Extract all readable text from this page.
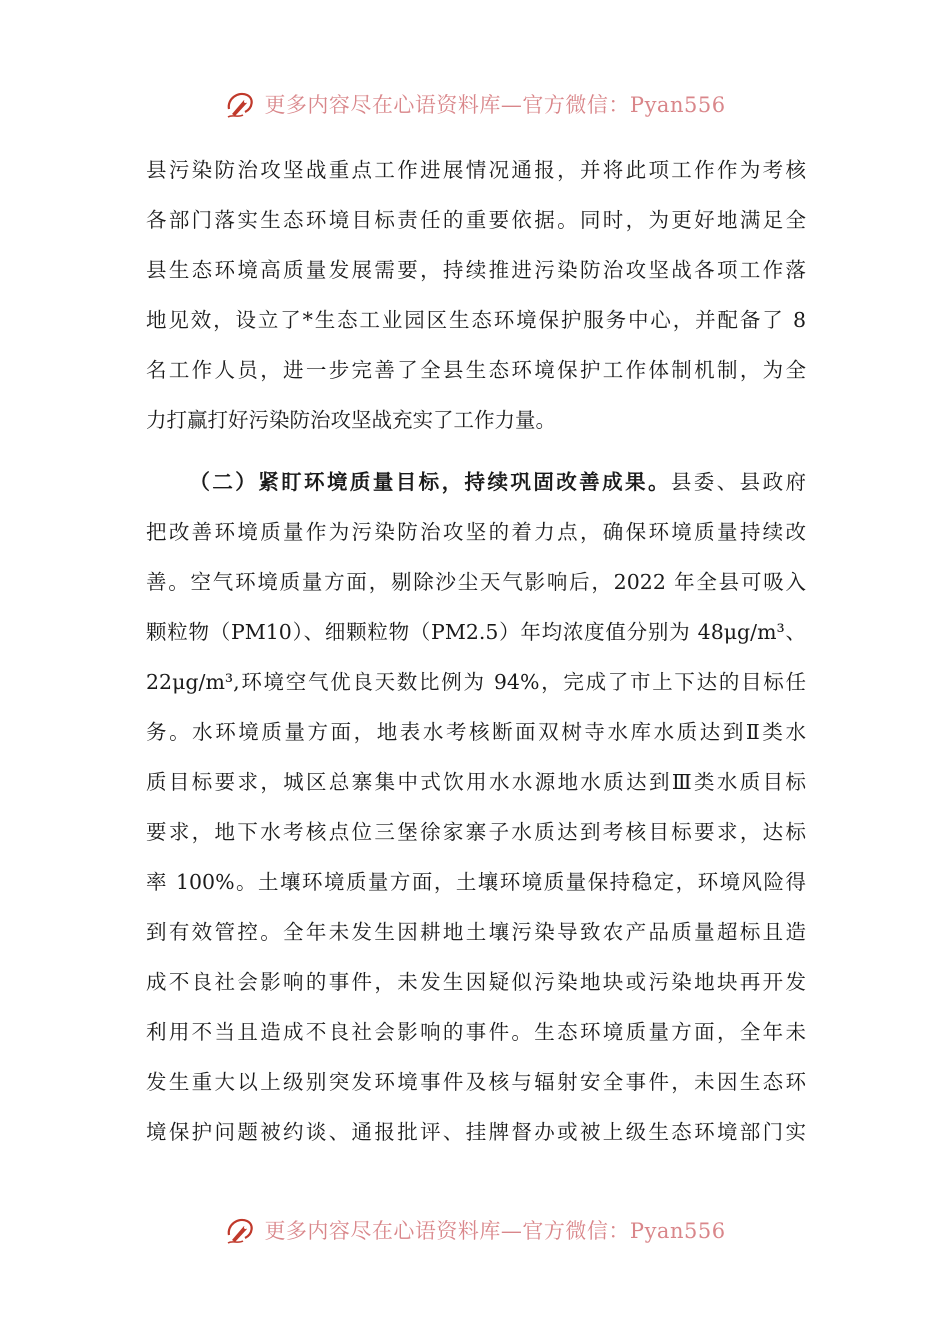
更多内容尽在心语资料库—官方微信：Pyan556
县污染防治攻坚战重点工作进展情况通报，并将此项工作作为考核
各部门落实生态环境目标责任的重要依据。同时，为更好地满足全
县生态环境高质量发展需要，持续推进污染防治攻坚战各项工作落
地见效，设立了*生态工业园区生态环境保护服务中心，并配备了 8
名工作人员，进一步完善了全县生态环境保护工作体制机制，为全
力打赢打好污染防治攻坚战充实了工作力量。
（二）紧盯环境质量目标，持续巩固改善成果。县委、县政府
把改善环境质量作为污染防治攻坚的着力点，确保环境质量持续改
善。空气环境质量方面，剔除沙尘天气影响后，2022 年全县可吸入
颗粒物（PM10）、细颗粒物（PM2.5）年均浓度值分别为 48μg/m³、
22μg/m³,环境空气优良天数比例为 94%，完成了市上下达的目标任
务。水环境质量方面，地表水考核断面双树寺水库水质达到Ⅱ类水
质目标要求，城区总寨集中式饮用水水源地水质达到Ⅲ类水质目标
要求，地下水考核点位三堡徐家寨子水质达到考核目标要求，达标
率 100%。土壤环境质量方面，土壤环境质量保持稳定，环境风险得
到有效管控。全年未发生因耕地土壤污染导致农产品质量超标且造
成不良社会影响的事件，未发生因疑似污染地块或污染地块再开发
利用不当且造成不良社会影响的事件。生态环境质量方面，全年未
发生重大以上级别突发环境事件及核与辐射安全事件，未因生态环
境保护问题被约谈、通报批评、挂牌督办或被上级生态环境部门实
更多内容尽在心语资料库—官方微信：Pyan556
